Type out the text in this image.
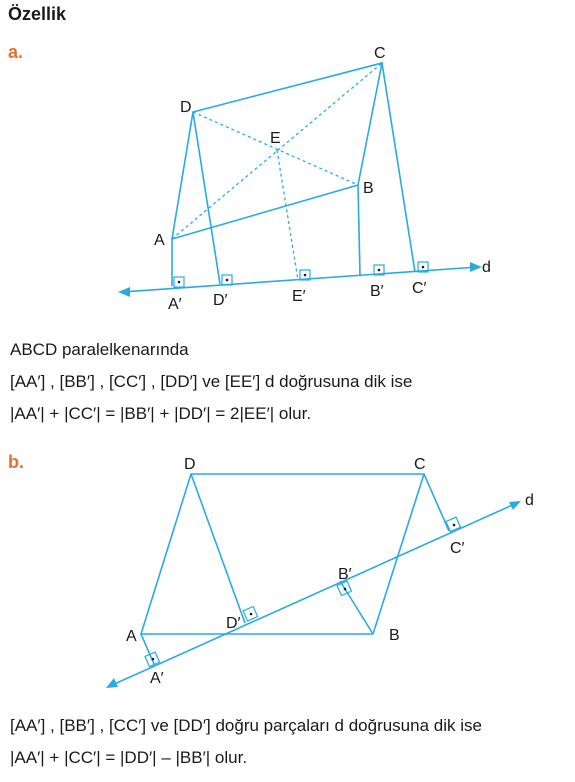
Özellik
a.
A
B
C
D
E
A′ D′	E′	B′ C′
d
ABCD paralelkenarında
[AA′] , [BB′] , [CC′] , [DD′] ve [EE′] d doğrusuna dik ise
|AA′| + |CC′| = |BB′| + |DD′| = 2|EE′| olur.
b.
A	B
C
D
A′
D′
B′
C′
d
[AA′] , [BB′] , [CC′] ve [DD′] doğru parçaları d doğrusuna dik ise
|AA′| + |CC′| = |DD′| – |BB′| olur.
